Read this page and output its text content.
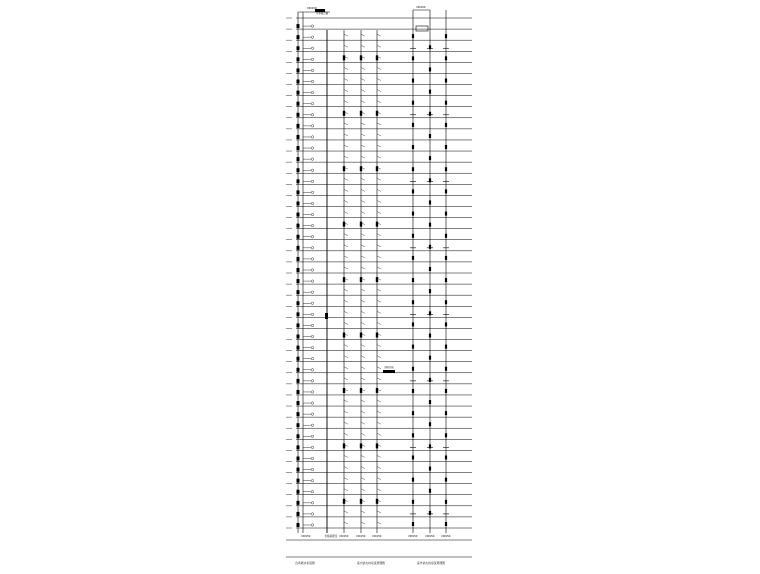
水箱间泄压 DN150	DN150	DN150	DN150	DN150	DN150
DN150
DN150	DN100
水泵接合器
消防水箱
自动喷水系统图	室内消火栓系统原理图	室外消火栓系统原理图
